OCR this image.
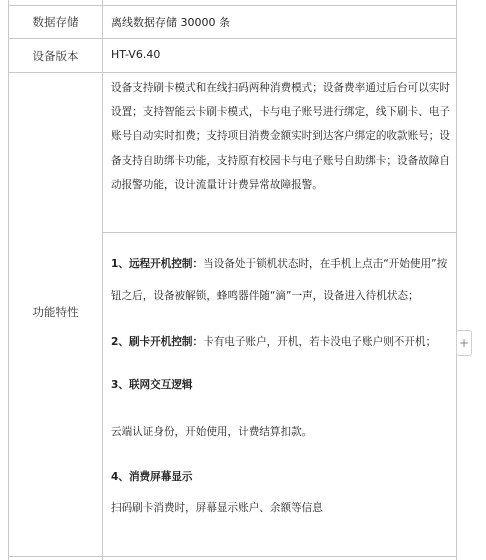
数据存储	离线数据存储 30000 条
设备版本	HT-V6.40
功能特性
设备支持刷卡模式和在线扫码两种消费模式；设备费率通过后台可以实时
设置；支持智能云卡刷卡模式，卡与电子账号进行绑定，线下刷卡、电子
账号自动实时扣费；支持项目消费金额实时到达客户绑定的收款账号；设
备支持自助绑卡功能，支持原有校园卡与电子账号自助绑卡；设备故障自
动报警功能，设计流量计计费异常故障报警。
1、远程开机控制：当设备处于锁机状态时，在手机上点击“开始使用”按
钮之后，设备被解锁，蜂鸣器伴随“滴”一声，设备进入待机状态；
2、刷卡开机控制：卡有电子账户，开机，若卡没电子账户则不开机；
3、联网交互逻辑
云端认证身份，开始使用，计费结算扣款。
4、消费屏幕显示
扫码刷卡消费时，屏幕显示账户、余额等信息
+
